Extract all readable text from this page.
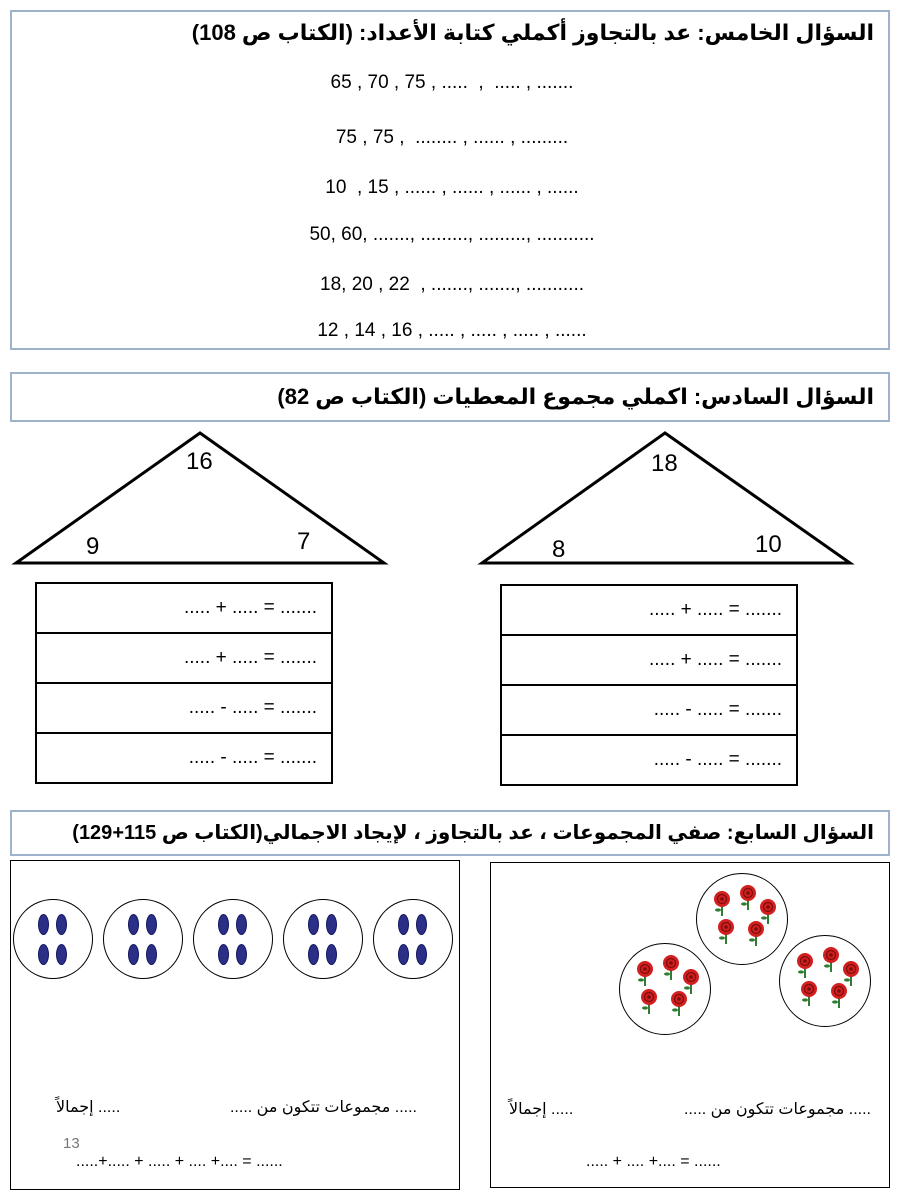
السؤال الخامس: عد بالتجاوز أكملي كتابة الأعداد: (الكتاب ص 108)
65 , 70 , 75 , .....  ,  ..... , .......
75 , 75 ,  ........ , ...... , .........
10  , 15 , ...... , ...... , ...... , ......
50, 60, ......., ........., ........., ...........
18, 20 , 22  , ......., ......., ...........
12 , 14 , 16 , ..... , ..... , ..... , ......
السؤال السادس: اكملي مجموع المعطيات (الكتاب ص 82)
16
9	7
18
8	10
..... + ..... = .......
..... + ..... = .......
..... - ..... = .......
..... - ..... = .......
..... + ..... = .......
..... + ..... = .......
..... - ..... = .......
..... - ..... = .......
السؤال السابع: صفي المجموعات ، عد بالتجاوز ، لإيجاد الاجمالي(الكتاب ص 115+129)
..... مجموعات تتكون من .....
..... إجمالاً
.....+..... + ..... + .... +.... = ......
13
..... مجموعات تتكون من .....
..... إجمالاً
..... + .... +.... = ......
